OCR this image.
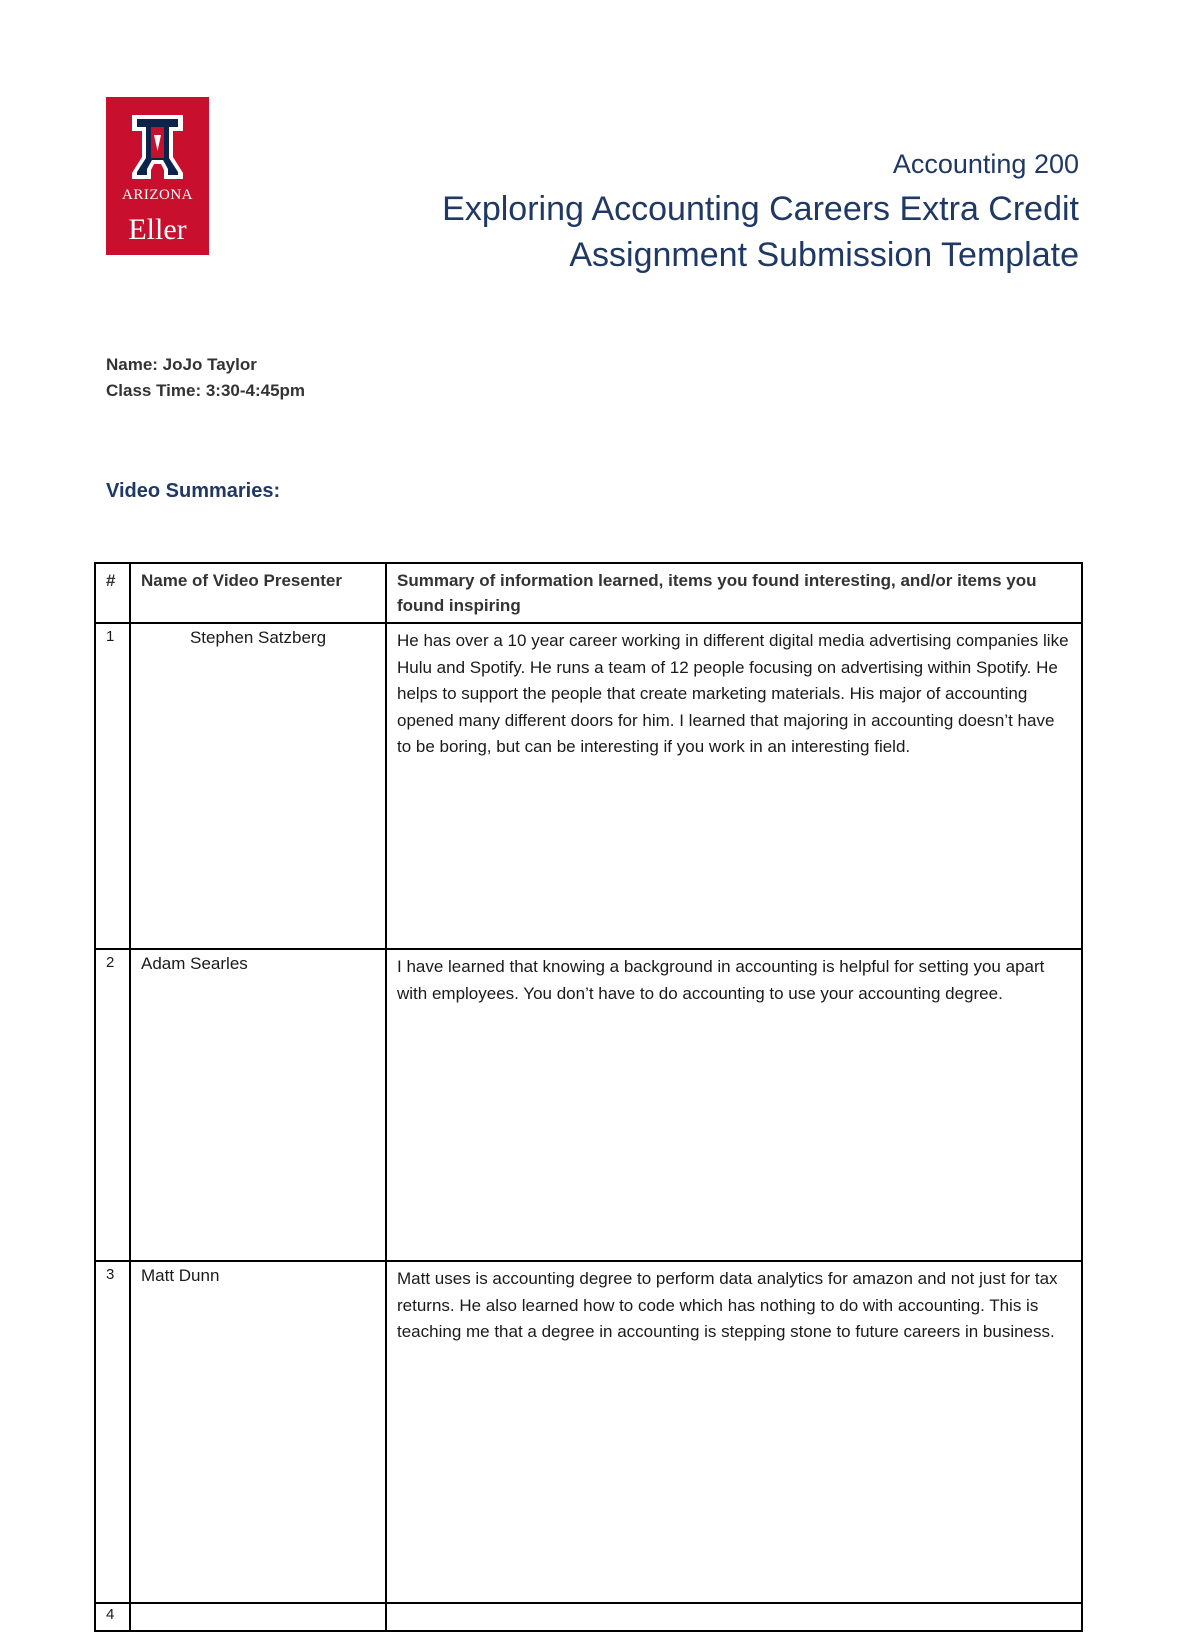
ARIZONA
Eller
Accounting 200
Exploring Accounting Careers Extra Credit
Assignment Submission Template
Name: JoJo Taylor
Class Time: 3:30-4:45pm
Video Summaries:
#	Name of Video Presenter	Summary of information learned, items you found interesting, and/or items you found inspiring
1	Stephen Satzberg	He has over a 10 year career working in different digital media advertising companies like Hulu and Spotify. He runs a team of 12 people focusing on advertising within Spotify. He helps to support the people that create marketing materials. His major of accounting opened many different doors for him. I learned that majoring in accounting doesn’t have to be boring, but can be interesting if you work in an interesting field.
2	Adam Searles	I have learned that knowing a background in accounting is helpful for setting you apart with employees. You don’t have to do accounting to use your accounting degree.
3	Matt Dunn	Matt uses is accounting degree to perform data analytics for amazon and not just for tax returns. He also learned how to code which has nothing to do with accounting. This is teaching me that a degree in accounting is stepping stone to future careers in business.
4		
